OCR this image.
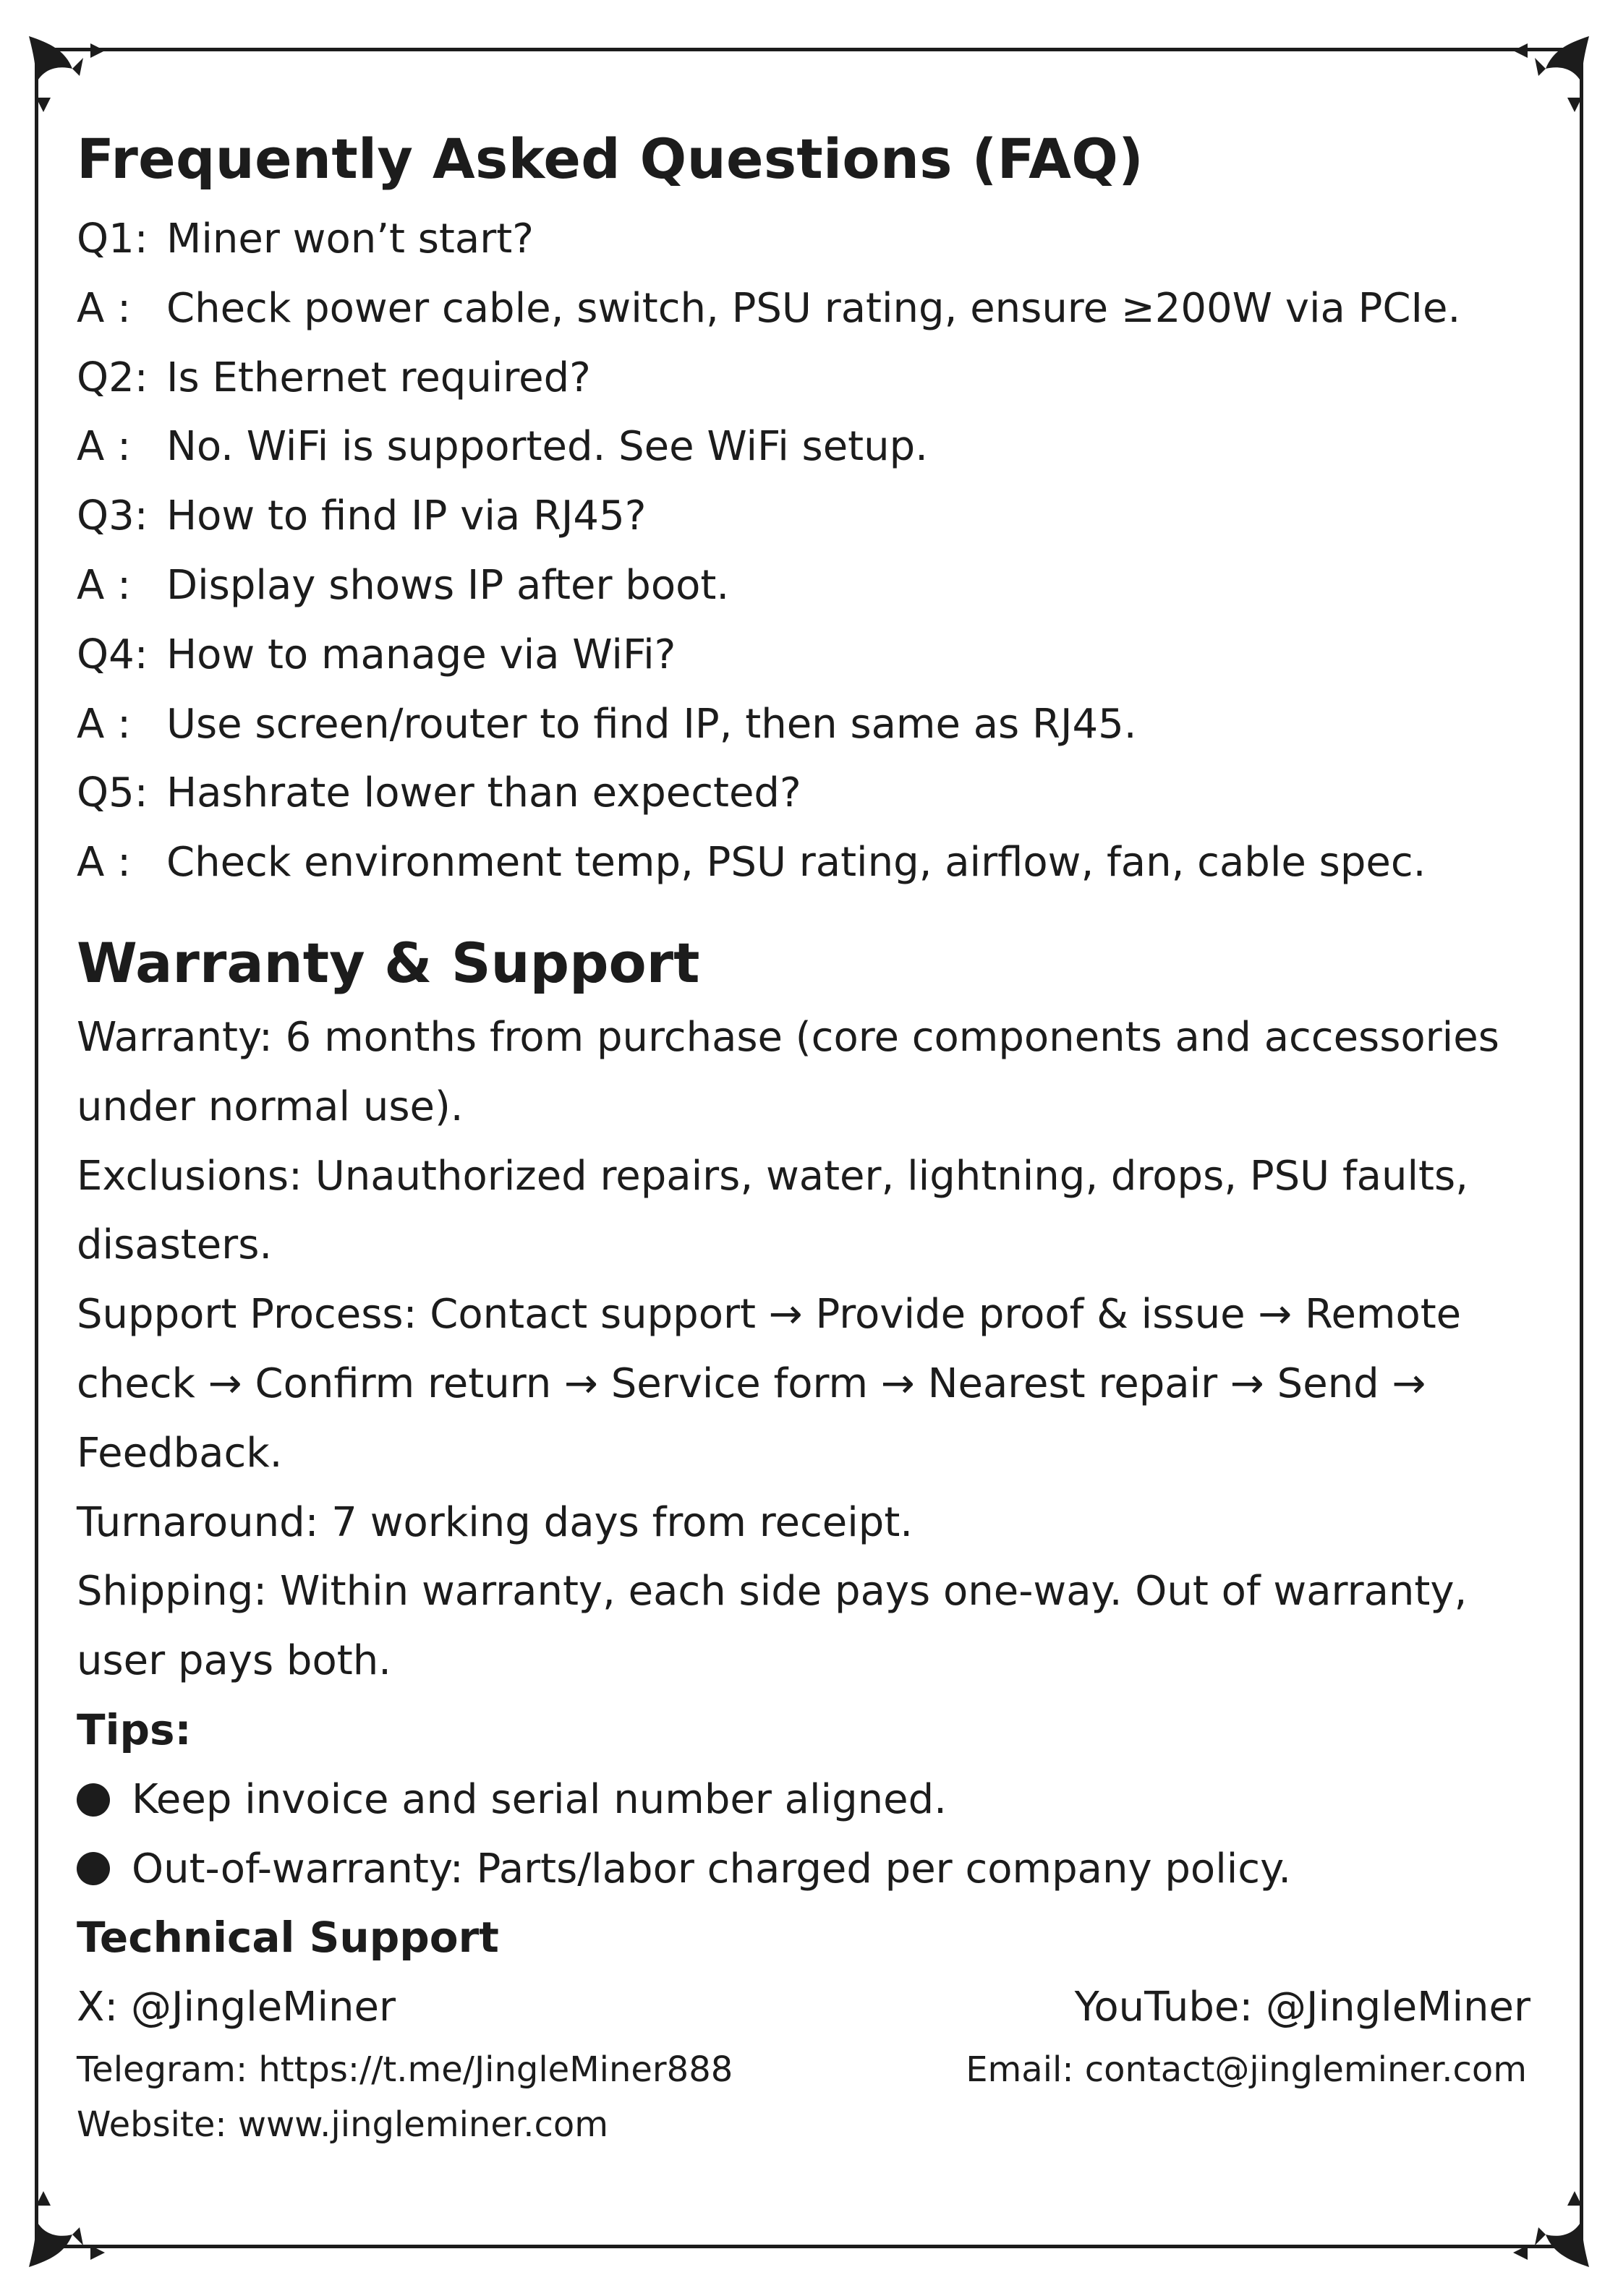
Frequently Asked Questions (FAQ)
Q1: Miner won’t start?
A : Check power cable, switch, PSU rating, ensure ≥200W via PCIe.
Q2: Is Ethernet required?
A : No. WiFi is supported. See WiFi setup.
Q3: How to find IP via RJ45?
A : Display shows IP after boot.
Q4: How to manage via WiFi?
A : Use screen/router to find IP, then same as RJ45.
Q5: Hashrate lower than expected?
A : Check environment temp, PSU rating, airflow, fan, cable spec.
Warranty & Support

Warranty: 6 months from purchase (core components and accessories under normal use).

Exclusions: Unauthorized repairs, water, lightning, drops, PSU faults, disasters.

Support Process: Contact support → Provide proof & issue → Remote check → Confirm return → Service form → Nearest repair → Send → Feedback.

Turnaround: 7 working days from receipt.

Shipping: Within warranty, each side pays one-way. Out of warranty, user pays both.

Tips:
Keep invoice and serial number aligned.
Out-of-warranty: Parts/labor charged per company policy.
Technical Support
X: @JingleMiner	YouTube: @JingleMiner
Telegram: https://t.me/JingleMiner888	Email: contact@jingleminer.com
Website: www.jingleminer.com
